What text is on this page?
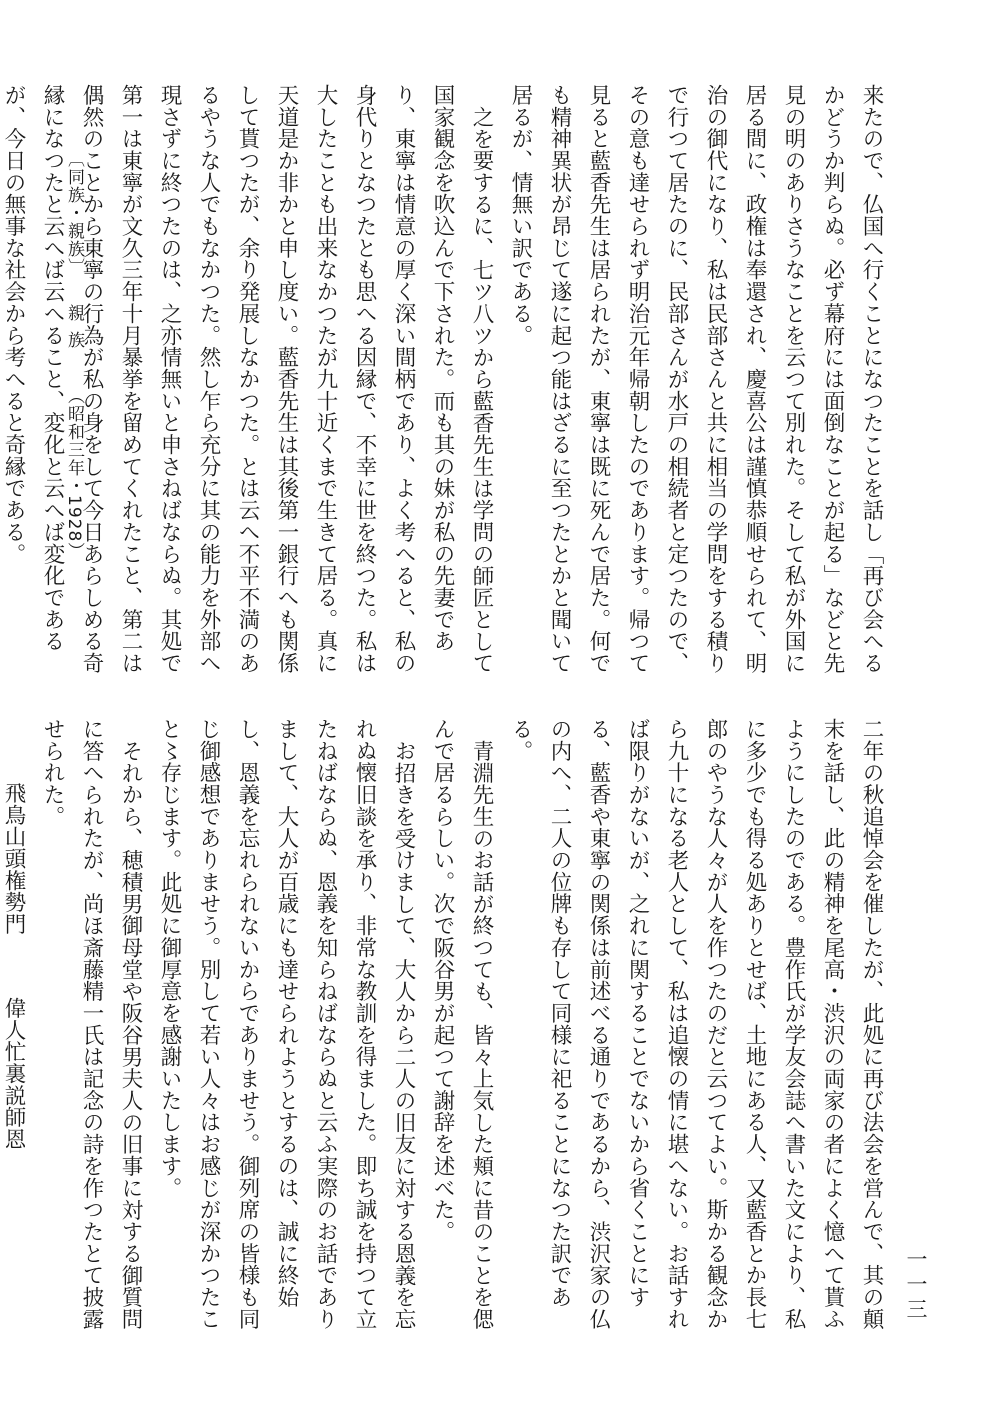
来たので、仏国へ行くことになつたことを話し「再び会へるかどうか判らぬ。必ず幕府には面倒なことが起る」などと先見の明のありさうなことを云つて別れた。そして私が外国に居る間に、政権は奉還され、慶喜公は謹慎恭順せられて、明治の御代になり、私は民部さんと共に相当の学問をする積りで行つて居たのに、民部さんが水戸の相続者と定つたので、その意も達せられず明治元年帰朝したのであります。帰つて見ると藍香先生は居られたが、東寧は既に死んで居た。何でも精神異状が昂じて遂に起つ能はざるに至つたとかと聞いて居るが、情無い訳である。

之を要するに、七ツ八ツから藍香先生は学問の師匠として国家観念を吹込んで下された。而も其の妹が私の先妻であり、東寧は情意の厚く深い間柄であり、よく考へると、私の身代りとなつたとも思へる因縁で、不幸に世を終つた。私は大したことも出来なかつたが九十近くまで生きて居る。真に天道是か非かと申し度い。藍香先生は其後第一銀行へも関係して貰つたが、余り発展しなかつた。とは云へ不平不満のあるやうな人でもなかつた。然し乍ら充分に其の能力を外部へ現さずに終つたのは、之亦情無いと申さねばならぬ。其処で第一は東寧が文久三年十月暴挙を留めてくれたこと、第二は偶然のことから東寧の行為が私の身をして今日あらしめる奇縁になつたと云へば云へること、変化と云へば変化であるが、今日の無事な社会から考へると奇縁である。

二年の秋追悼会を催したが、此処に再び法会を営んで、其の顛末を話し、此の精神を尾高・渋沢の両家の者によく憶へて貰ふようにしたのである。豊作氏が学友会誌へ書いた文により、私に多少でも得る処ありとせば、土地にある人、又藍香とか長七郎のやうな人々が人を作つたのだと云つてよい。斯かる観念から九十になる老人として、私は追懐の情に堪へない。お話すれば限りがないが、之れに関することでないから省くことにする、藍香や東寧の関係は前述べる通りであるから、渋沢家の仏の内へ、二人の位牌も存して同様に祀ることになつた訳である。

青淵先生のお話が終つても、皆々上気した頬に昔のことを偲んで居るらしい。次で阪谷男が起つて謝辞を述べた。

お招きを受けまして、大人から二人の旧友に対する恩義を忘れぬ懐旧談を承り、非常な教訓を得ました。即ち誠を持つて立たねばならぬ、恩義を知らねばならぬと云ふ実際のお話でありまして、大人が百歳にも達せられようとするのは、誠に終始し、恩義を忘れられないからでありませう。御列席の皆様も同じ御感想でありませう。別して若い人々はお感じが深かつたこと〻存じます。此処に御厚意を感謝いたします。

それから、穂積男御母堂や阪谷男夫人の旧事に対する御質問に答へられたが、尚ほ斎藤精一氏は記念の詩を作つたとて披露せられた。

飛鳥山頭権勢門偉人忙裏説師恩
〔同族・親族〕 親族 （昭和三年・1928）
一一三
